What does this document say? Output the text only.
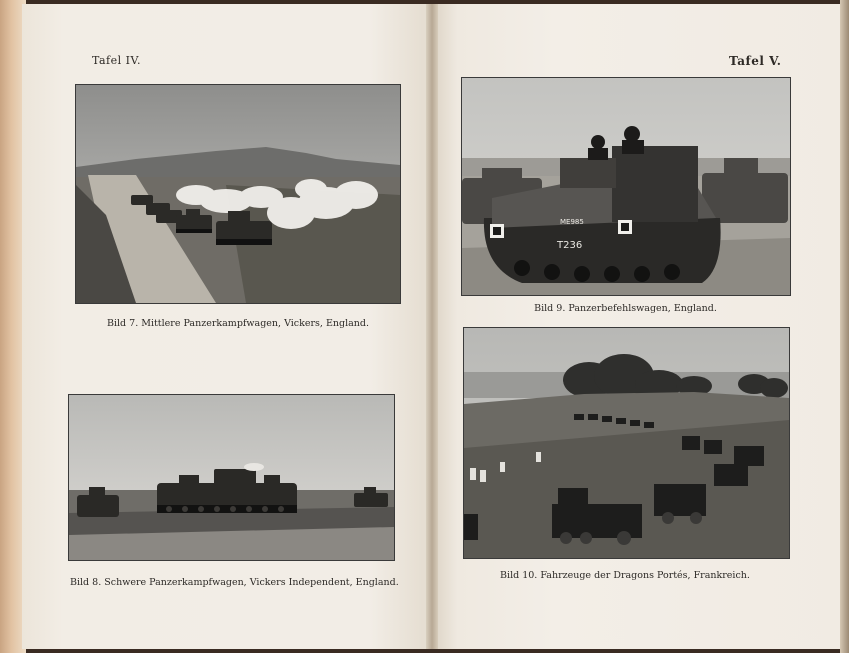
Tafel IV.	Tafel V.
Bild 7. Mittlere Panzerkampfwagen, Vickers, England.
Bild 8. Schwere Panzerkampfwagen, Vickers Independent, England.
ME985
T236
Bild 9. Panzerbefehlswagen, England.
Bild 10. Fahrzeuge der Dragons Portés, Frankreich.
